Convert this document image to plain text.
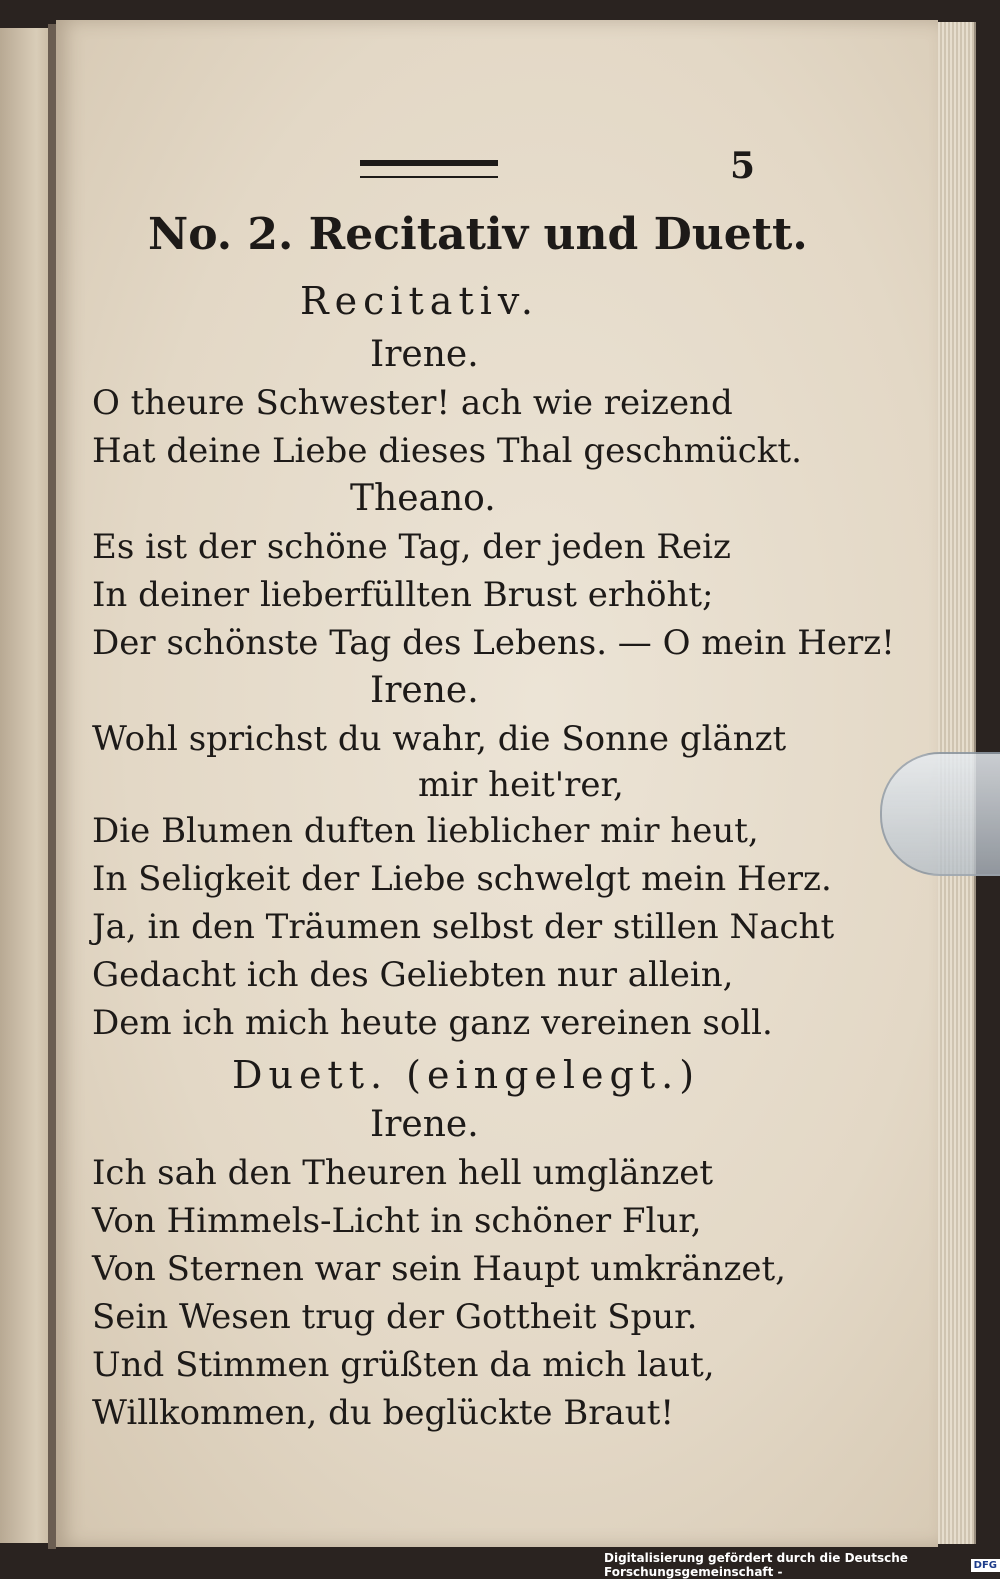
5
No. 2. Recitativ und Duett.
Recitativ.
Irene.
O theure Schwester! ach wie reizend
Hat deine Liebe dieses Thal geschmückt.
Theano.
Es ist der schöne Tag, der jeden Reiz
In deiner lieberfüllten Brust erhöht;
Der schönste Tag des Lebens. — O mein Herz!
Irene.
Wohl sprichst du wahr, die Sonne glänzt
mir heit'rer,
Die Blumen duften lieblicher mir heut,
In Seligkeit der Liebe schwelgt mein Herz.
Ja, in den Träumen selbst der stillen Nacht
Gedacht ich des Geliebten nur allein,
Dem ich mich heute ganz vereinen soll.
Duett. (eingelegt.)
Irene.
Ich sah den Theuren hell umglänzet
Von Himmels-Licht in schöner Flur,
Von Sternen war sein Haupt umkränzet,
Sein Wesen trug der Gottheit Spur.
Und Stimmen grüßten da mich laut,
Willkommen, du beglückte Braut!
Digitalisierung gefördert durch die Deutsche Forschungsgemeinschaft -	DFG
